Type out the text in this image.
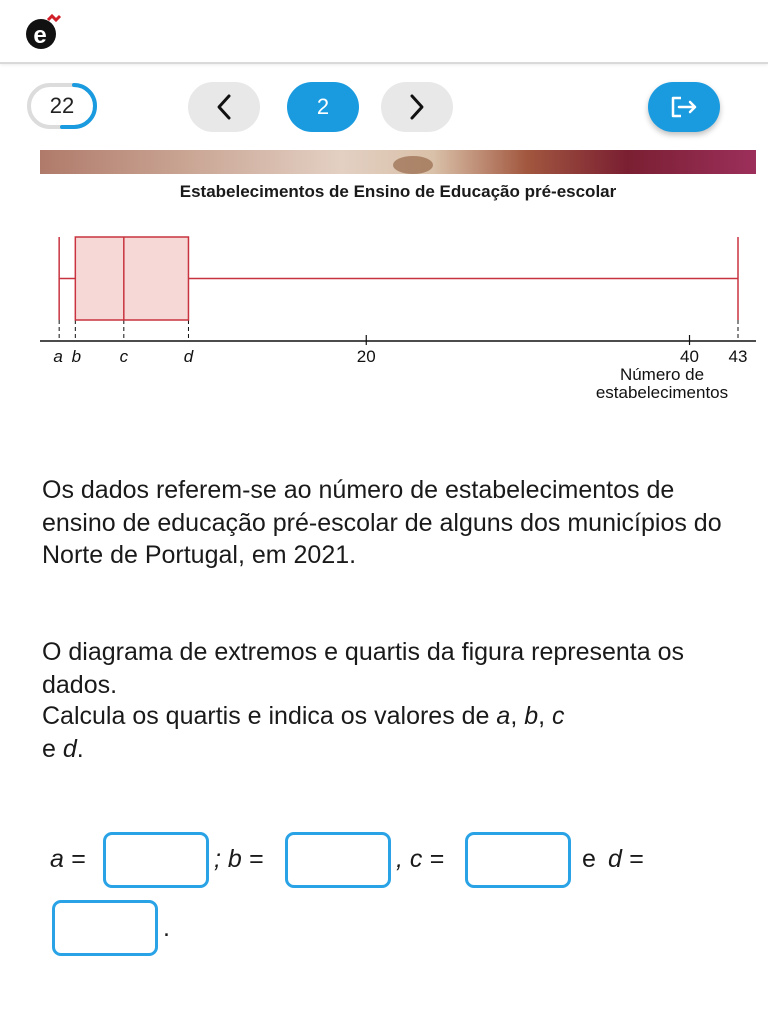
e
22	2
Estabelecimentos de Ensino de Educação pré-escolar
20	40 43
a b c	d
Número de
estabelecimentos
Os dados referem-se ao número de estabelecimentos de ensino de educação pré-escolar de alguns dos municípios do Norte de Portugal, em 2021.
O diagrama de extremos e quartis da figura representa os dados.
Calcula os quartis e indica os valores de a, b, c
e d.
a =	; b =	, c =	e d =
.
